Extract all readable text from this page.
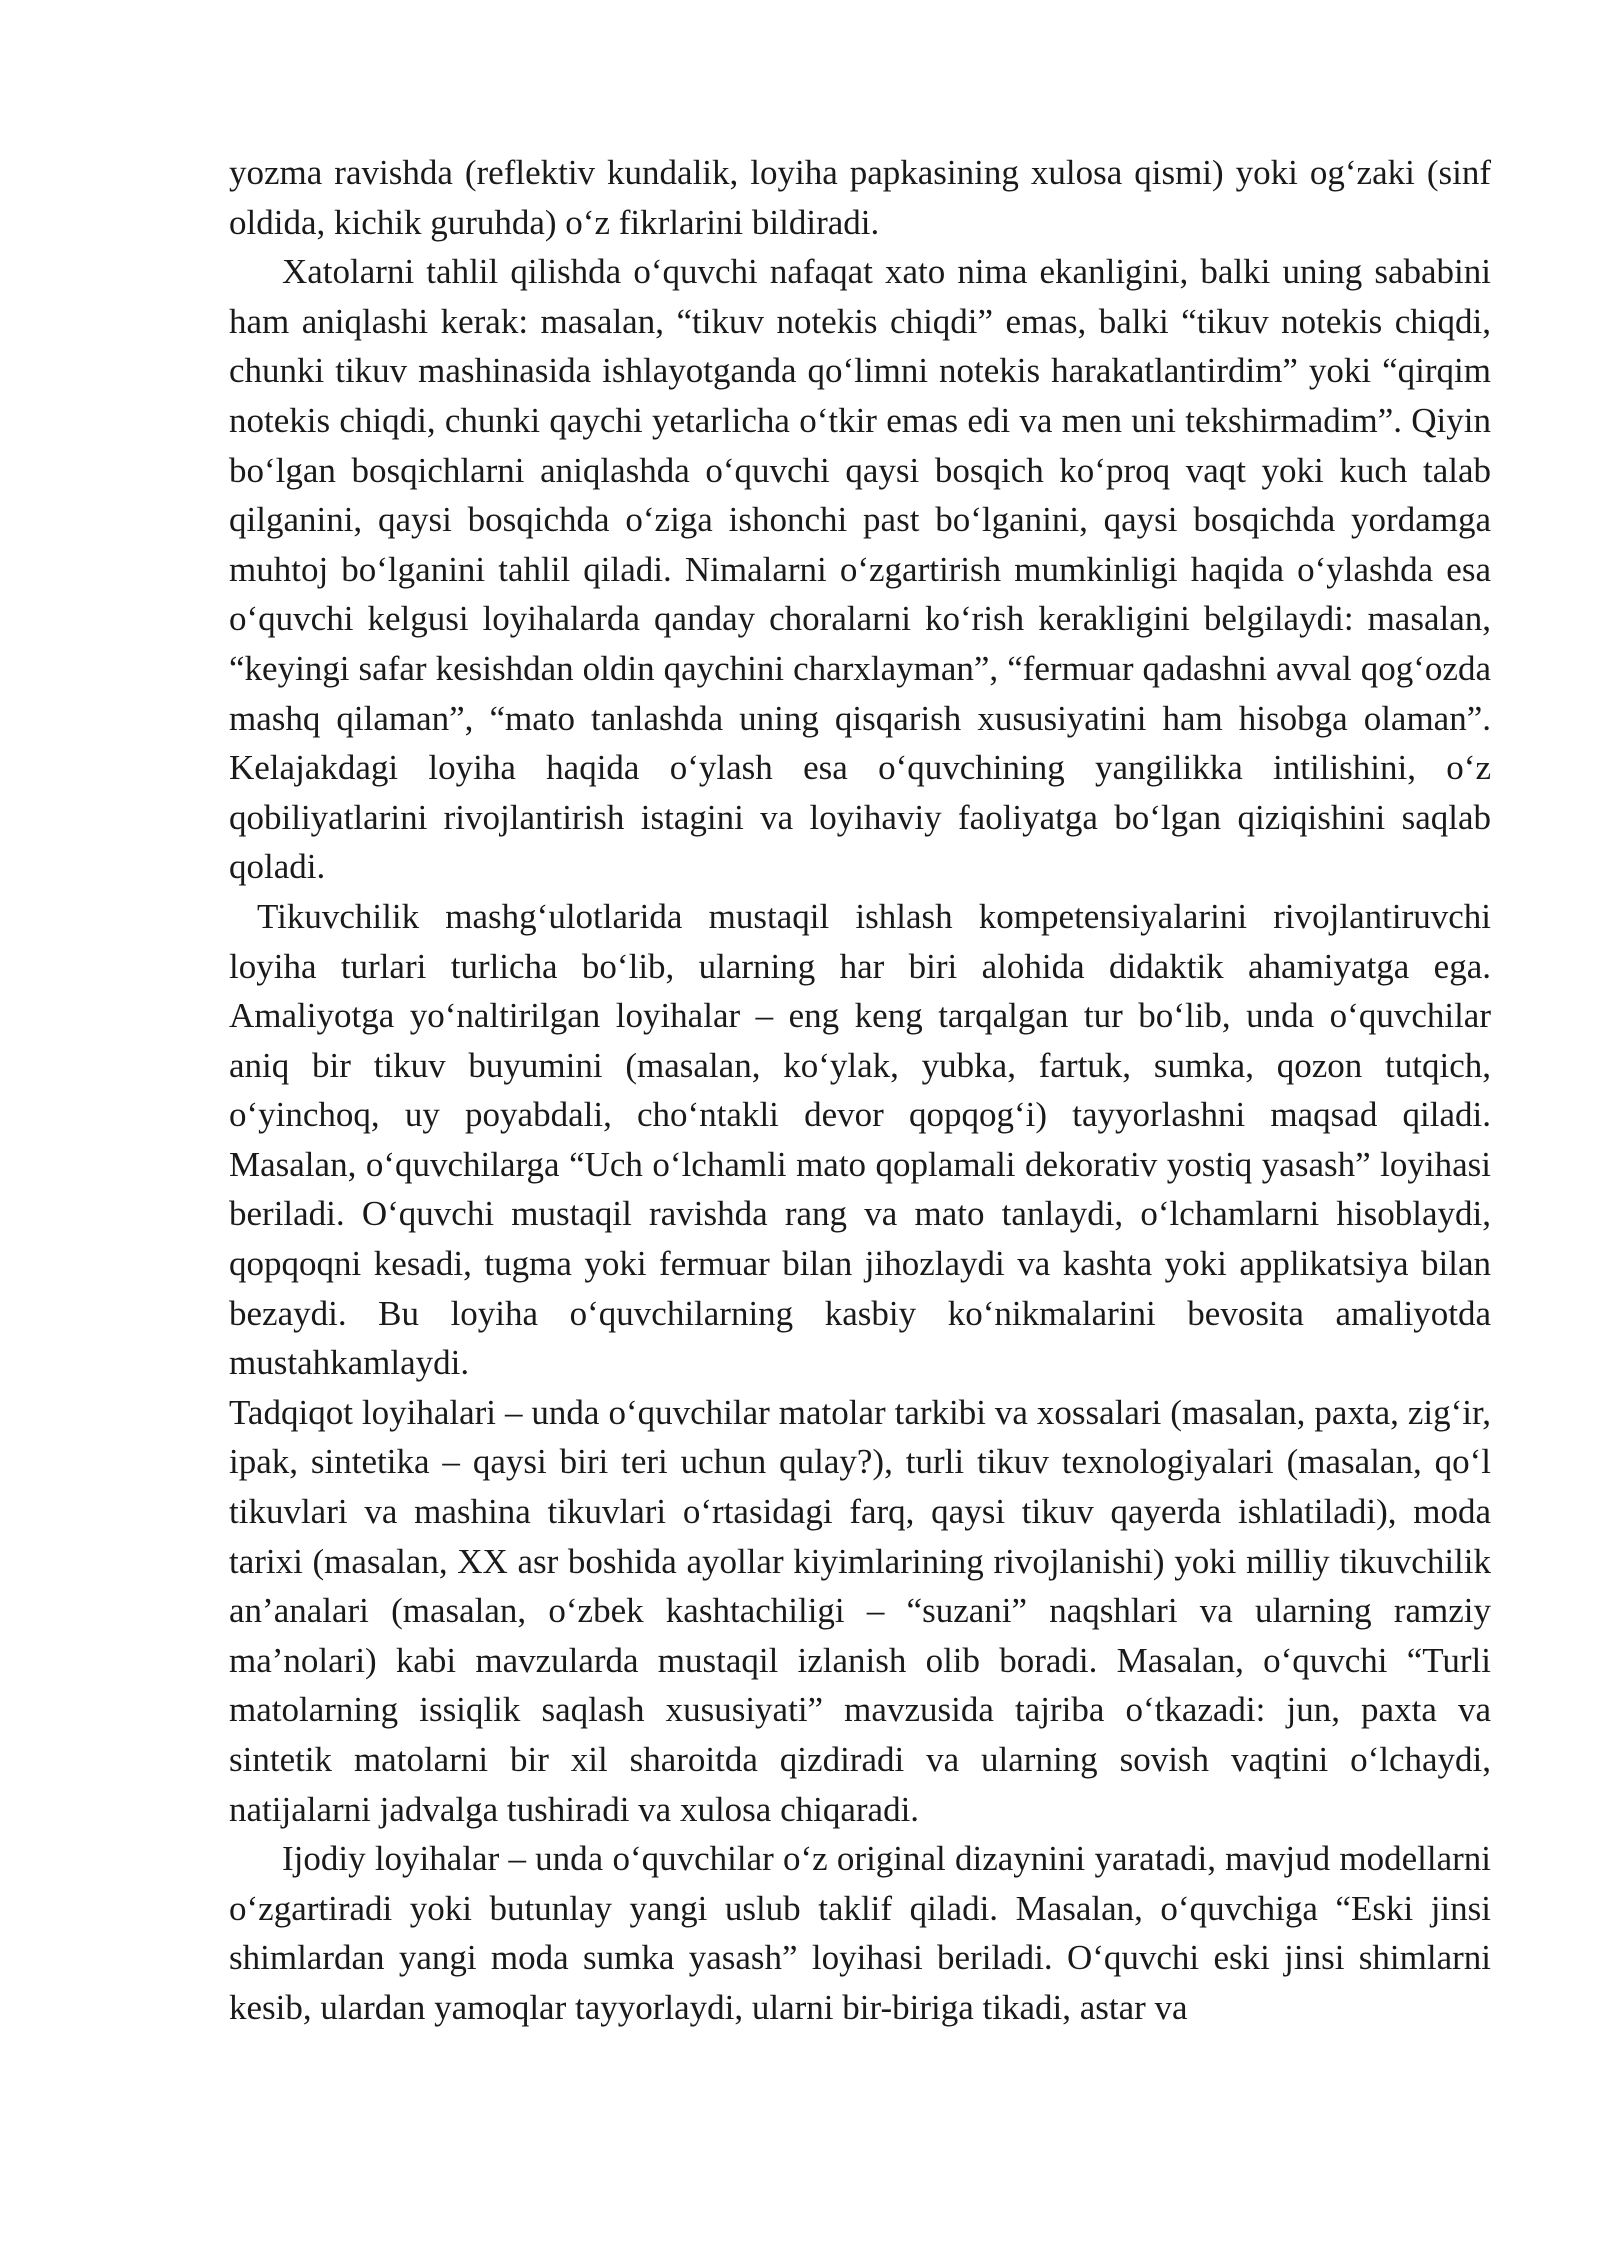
yozma ravishda (reflektiv kundalik, loyiha papkasining xulosa qismi) yoki og‘zaki (sinf oldida, kichik guruhda) o‘z fikrlarini bildiradi.

Xatolarni tahlil qilishda o‘quvchi nafaqat xato nima ekanligini, balki uning sababini ham aniqlashi kerak: masalan, “tikuv notekis chiqdi” emas, balki “tikuv notekis chiqdi, chunki tikuv mashinasida ishlayotganda qo‘limni notekis harakatlantirdim” yoki “qirqim notekis chiqdi, chunki qaychi yetarlicha o‘tkir emas edi va men uni tekshirmadim”. Qiyin bo‘lgan bosqichlarni aniqlashda o‘quvchi qaysi bosqich ko‘proq vaqt yoki kuch talab qilganini, qaysi bosqichda o‘ziga ishonchi past bo‘lganini, qaysi bosqichda yordamga muhtoj bo‘lganini tahlil qiladi. Nimalarni o‘zgartirish mumkinligi haqida o‘ylashda esa o‘quvchi kelgusi loyihalarda qanday choralarni ko‘rish kerakligini belgilaydi: masalan, “keyingi safar kesishdan oldin qaychini charxlayman”, “fermuar qadashni avval qog‘ozda mashq qilaman”, “mato tanlashda uning qisqarish xususiyatini ham hisobga olaman”. Kelajakdagi loyiha haqida o‘ylash esa o‘quvchining yangilikka intilishini, o‘z qobiliyatlarini rivojlantirish istagini va loyihaviy faoliyatga bo‘lgan qiziqishini saqlab qoladi.

Tikuvchilik mashg‘ulotlarida mustaqil ishlash kompetensiyalarini rivojlantiruvchi loyiha turlari turlicha bo‘lib, ularning har biri alohida didaktik ahamiyatga ega. Amaliyotga yo‘naltirilgan loyihalar – eng keng tarqalgan tur bo‘lib, unda o‘quvchilar aniq bir tikuv buyumini (masalan, ko‘ylak, yubka, fartuk, sumka, qozon tutqich, o‘yinchoq, uy poyabdali, cho‘ntakli devor qopqog‘i) tayyorlashni maqsad qiladi. Masalan, o‘quvchilarga “Uch o‘lchamli mato qoplamali dekorativ yostiq yasash” loyihasi beriladi. O‘quvchi mustaqil ravishda rang va mato tanlaydi, o‘lchamlarni hisoblaydi, qopqoqni kesadi, tugma yoki fermuar bilan jihozlaydi va kashta yoki applikatsiya bilan bezaydi. Bu loyiha o‘quvchilarning kasbiy ko‘nikmalarini bevosita amaliyotda mustahkamlaydi.

Tadqiqot loyihalari – unda o‘quvchilar matolar tarkibi va xossalari (masalan, paxta, zig‘ir, ipak, sintetika – qaysi biri teri uchun qulay?), turli tikuv texnologiyalari (masalan, qo‘l tikuvlari va mashina tikuvlari o‘rtasidagi farq, qaysi tikuv qayerda ishlatiladi), moda tarixi (masalan, XX asr boshida ayollar kiyimlarining rivojlanishi) yoki milliy tikuvchilik an’analari (masalan, o‘zbek kashtachiligi – “suzani” naqshlari va ularning ramziy ma’nolari) kabi mavzularda mustaqil izlanish olib boradi. Masalan, o‘quvchi “Turli matolarning issiqlik saqlash xususiyati” mavzusida tajriba o‘tkazadi: jun, paxta va sintetik matolarni bir xil sharoitda qizdiradi va ularning sovish vaqtini o‘lchaydi, natijalarni jadvalga tushiradi va xulosa chiqaradi.

Ijodiy loyihalar – unda o‘quvchilar o‘z original dizaynini yaratadi, mavjud modellarni o‘zgartiradi yoki butunlay yangi uslub taklif qiladi. Masalan, o‘quvchiga “Eski jinsi shimlardan yangi moda sumka yasash” loyihasi beriladi. O‘quvchi eski jinsi shimlarni kesib, ulardan yamoqlar tayyorlaydi, ularni bir-biriga tikadi, astar va
